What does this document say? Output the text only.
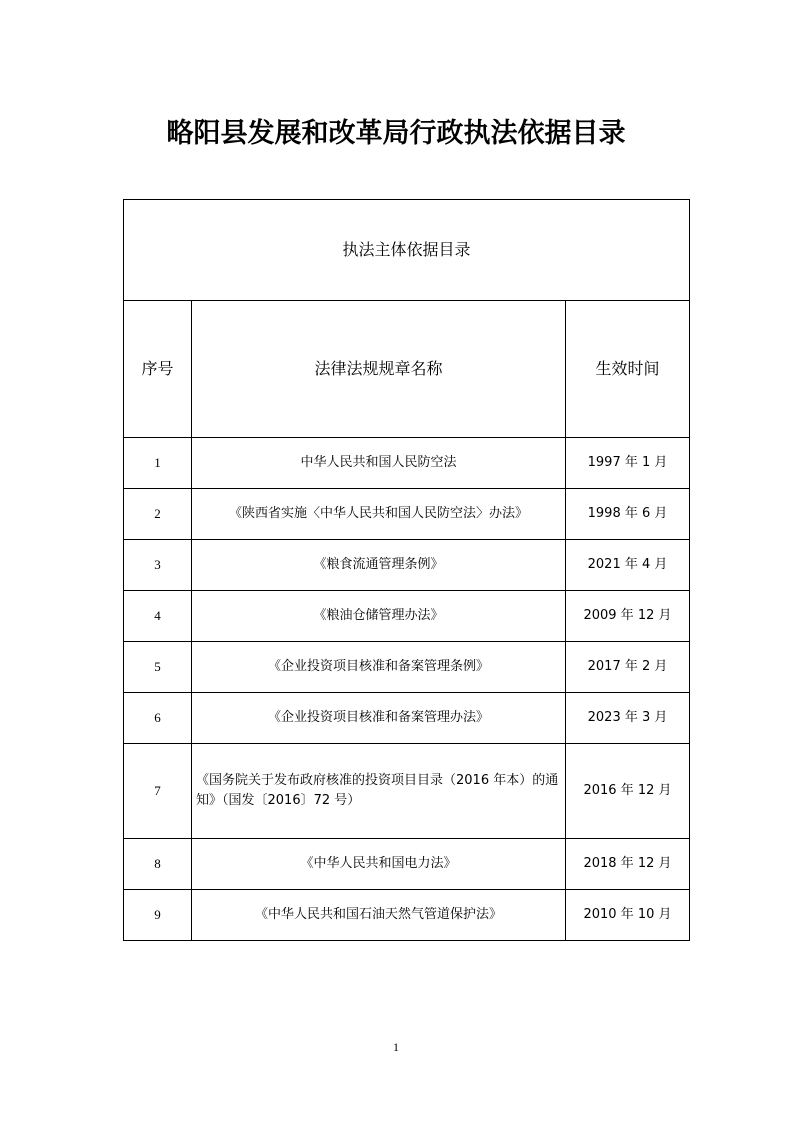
略阳县发展和改革局行政执法依据目录
执法主体依据目录		
序号	法律法规规章名称	生效时间
1	中华人民共和国人民防空法	1997 年 1 月
2	《陕西省实施〈中华人民共和国人民防空法〉办法》	1998 年 6 月
3	《粮食流通管理条例》	2021 年 4 月
4	《粮油仓储管理办法》	2009 年 12 月
5	《企业投资项目核准和备案管理条例》	2017 年 2 月
6	《企业投资项目核准和备案管理办法》	2023 年 3 月
7	《国务院关于发布政府核准的投资项目目录（2016 年本）的通知》（国发〔2016〕72 号）	2016 年 12 月
8	《中华人民共和国电力法》	2018 年 12 月
9	《中华人民共和国石油天然气管道保护法》	2010 年 10 月
1
